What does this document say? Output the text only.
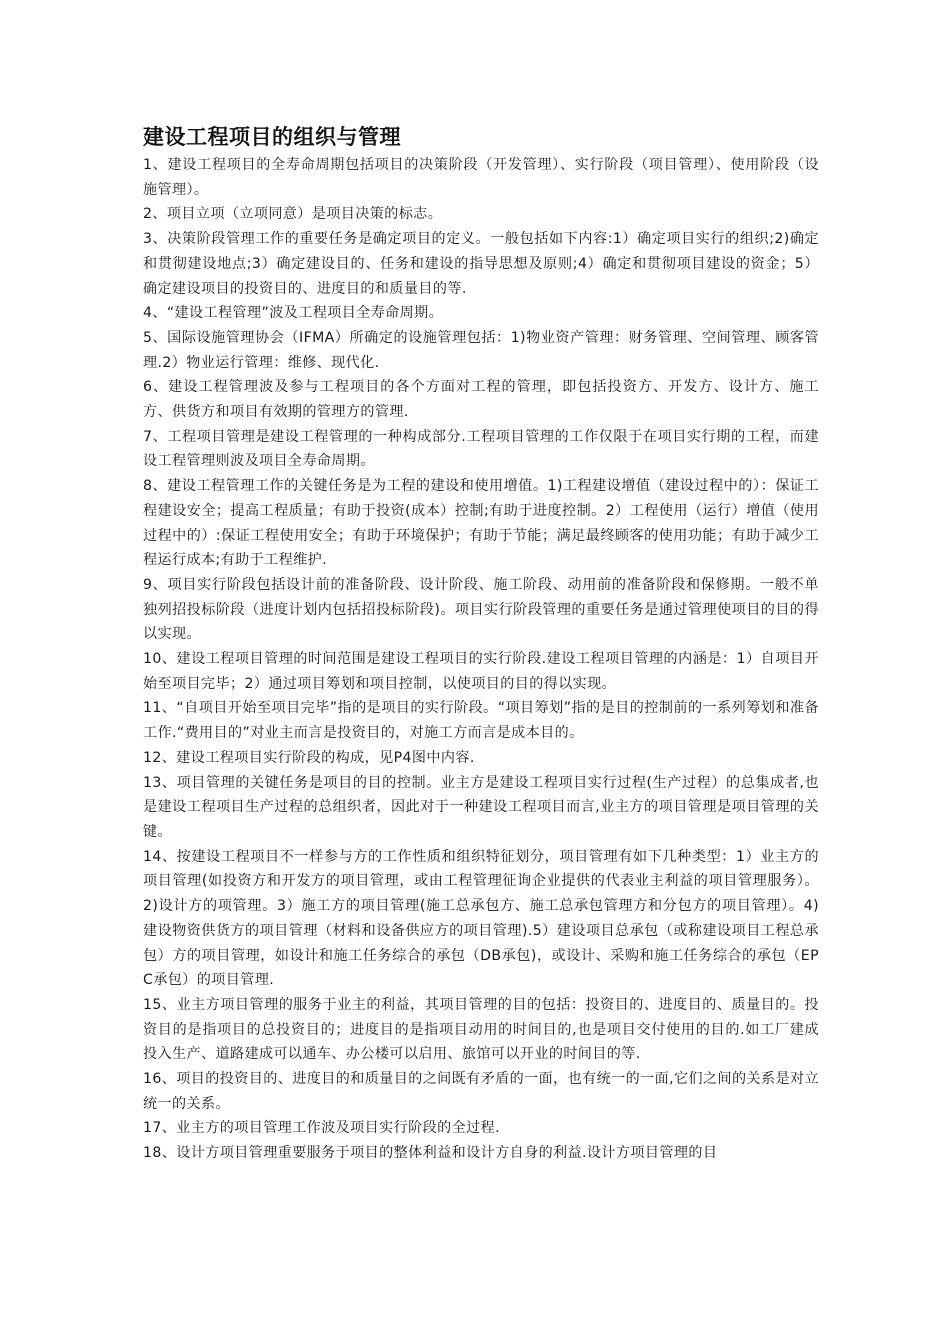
建设工程项目的组织与管理

1、建设工程项目的全寿命周期包括项目的决策阶段（开发管理）、实行阶段（项目管理）、使用阶段（设施管理）。

2、项目立项（立项同意）是项目决策的标志。

3、决策阶段管理工作的重要任务是确定项目的定义。一般包括如下内容:1）确定项目实行的组织;2)确定和贯彻建设地点;3）确定建设目的、任务和建设的指导思想及原则;4）确定和贯彻项目建设的资金；5）确定建设项目的投资目的、进度目的和质量目的等.

4、“建设工程管理”波及工程项目全寿命周期。

5、国际设施管理协会（IFMA）所确定的设施管理包括：1)物业资产管理：财务管理、空间管理、顾客管理.2）物业运行管理：维修、现代化.

6、建设工程管理波及参与工程项目的各个方面对工程的管理，即包括投资方、开发方、设计方、施工方、供货方和项目有效期的管理方的管理.

7、工程项目管理是建设工程管理的一种构成部分.工程项目管理的工作仅限于在项目实行期的工程，而建设工程管理则波及项目全寿命周期。

8、建设工程管理工作的关键任务是为工程的建设和使用增值。1)工程建设增值（建设过程中的）：保证工程建设安全；提高工程质量；有助于投资(成本）控制;有助于进度控制。2）工程使用（运行）增值（使用过程中的）:保证工程使用安全；有助于环境保护；有助于节能；满足最终顾客的使用功能；有助于减少工程运行成本;有助于工程维护.

9、项目实行阶段包括设计前的准备阶段、设计阶段、施工阶段、动用前的准备阶段和保修期。一般不单独列招投标阶段（进度计划内包括招投标阶段)。项目实行阶段管理的重要任务是通过管理使项目的目的得以实现。

10、建设工程项目管理的时间范围是建设工程项目的实行阶段.建设工程项目管理的内涵是：1）自项目开始至项目完毕；2）通过项目筹划和项目控制，以使项目的目的得以实现。

11、“自项目开始至项目完毕”指的是项目的实行阶段。“项目筹划”指的是目的控制前的一系列筹划和准备工作.“费用目的”对业主而言是投资目的，对施工方而言是成本目的。

12、建设工程项目实行阶段的构成，见P4图中内容.

13、项目管理的关键任务是项目的目的控制。业主方是建设工程项目实行过程(生产过程）的总集成者,也是建设工程项目生产过程的总组织者，因此对于一种建设工程项目而言,业主方的项目管理是项目管理的关键。

14、按建设工程项目不一样参与方的工作性质和组织特征划分，项目管理有如下几种类型：1）业主方的项目管理(如投资方和开发方的项目管理，或由工程管理征询企业提供的代表业主利益的项目管理服务）。2)设计方的项管理。3）施工方的项目管理(施工总承包方、施工总承包管理方和分包方的项目管理）。4)建设物资供货方的项目管理（材料和设备供应方的项目管理).5）建设项目总承包（或称建设项目工程总承包）方的项目管理，如设计和施工任务综合的承包（DB承包)，或设计、采购和施工任务综合的承包（EPC承包）的项目管理.

15、业主方项目管理的服务于业主的利益，其项目管理的目的包括：投资目的、进度目的、质量目的。投资目的是指项目的总投资目的；进度目的是指项目动用的时间目的,也是项目交付使用的目的.如工厂建成投入生产、道路建成可以通车、办公楼可以启用、旅馆可以开业的时间目的等.

16、项目的投资目的、进度目的和质量目的之间既有矛盾的一面，也有统一的一面,它们之间的关系是对立统一的关系。

17、业主方的项目管理工作波及项目实行阶段的全过程.

18、设计方项目管理重要服务于项目的整体利益和设计方自身的利益.设计方项目管理的目
